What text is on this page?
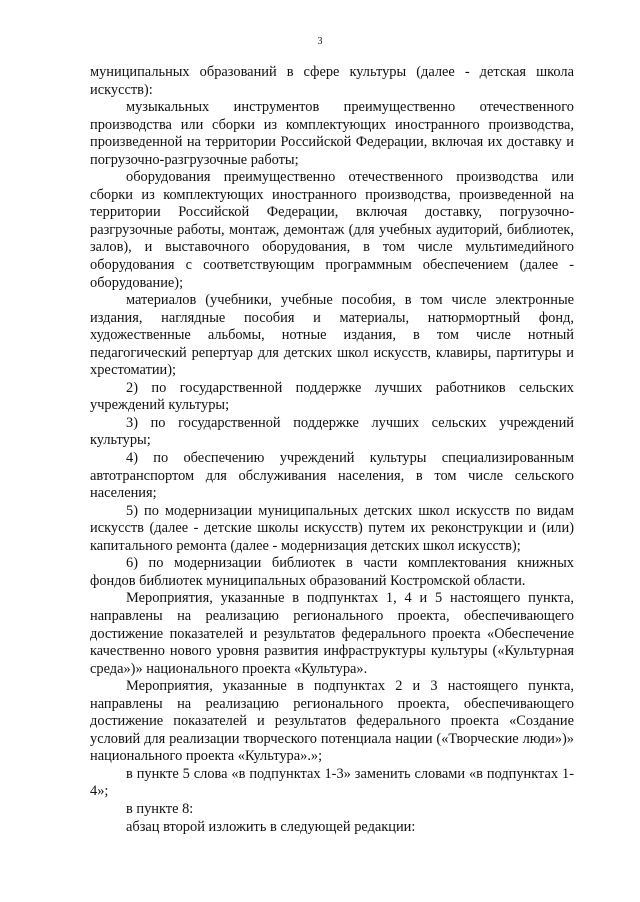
3

муниципальных образований в сфере культуры (далее - детская школа искусств):

музыкальных инструментов преимущественно отечественного производства или сборки из комплектующих иностранного производства, произведенной на территории Российской Федерации, включая их доставку и погрузочно-разгрузочные работы;

оборудования преимущественно отечественного производства или сборки из комплектующих иностранного производства, произведенной на территории Российской Федерации, включая доставку, погрузочно-разгрузочные работы, монтаж, демонтаж (для учебных аудиторий, библиотек, залов), и выставочного оборудования, в том числе мультимедийного оборудования с соответствующим программным обеспечением (далее - оборудование);

материалов (учебники, учебные пособия, в том числе электронные издания, наглядные пособия и материалы, натюрмортный фонд, художественные альбомы, нотные издания, в том числе нотный педагогический репертуар для детских школ искусств, клавиры, партитуры и хрестоматии);

2) по государственной поддержке лучших работников сельских учреждений культуры;

3) по государственной поддержке лучших сельских учреждений культуры;

4) по обеспечению учреждений культуры специализированным автотранспортом для обслуживания населения, в том числе сельского населения;

5) по модернизации муниципальных детских школ искусств по видам искусств (далее - детские школы искусств) путем их реконструкции и (или) капитального ремонта (далее - модернизация детских школ искусств);

6) по модернизации библиотек в части комплектования книжных фондов библиотек муниципальных образований Костромской области.

Мероприятия, указанные в подпунктах 1, 4 и 5 настоящего пункта, направлены на реализацию регионального проекта, обеспечивающего достижение показателей и результатов федерального проекта «Обеспечение качественно нового уровня развития инфраструктуры культуры («Культурная среда»)» национального проекта «Культура».

Мероприятия, указанные в подпунктах 2 и 3 настоящего пункта, направлены на реализацию регионального проекта, обеспечивающего достижение показателей и результатов федерального проекта «Создание условий для реализации творческого потенциала нации («Творческие люди»)» национального проекта «Культура».»;

в пункте 5 слова «в подпунктах 1-3» заменить словами «в подпунктах 1-4»;

в пункте 8:

абзац второй изложить в следующей редакции:
